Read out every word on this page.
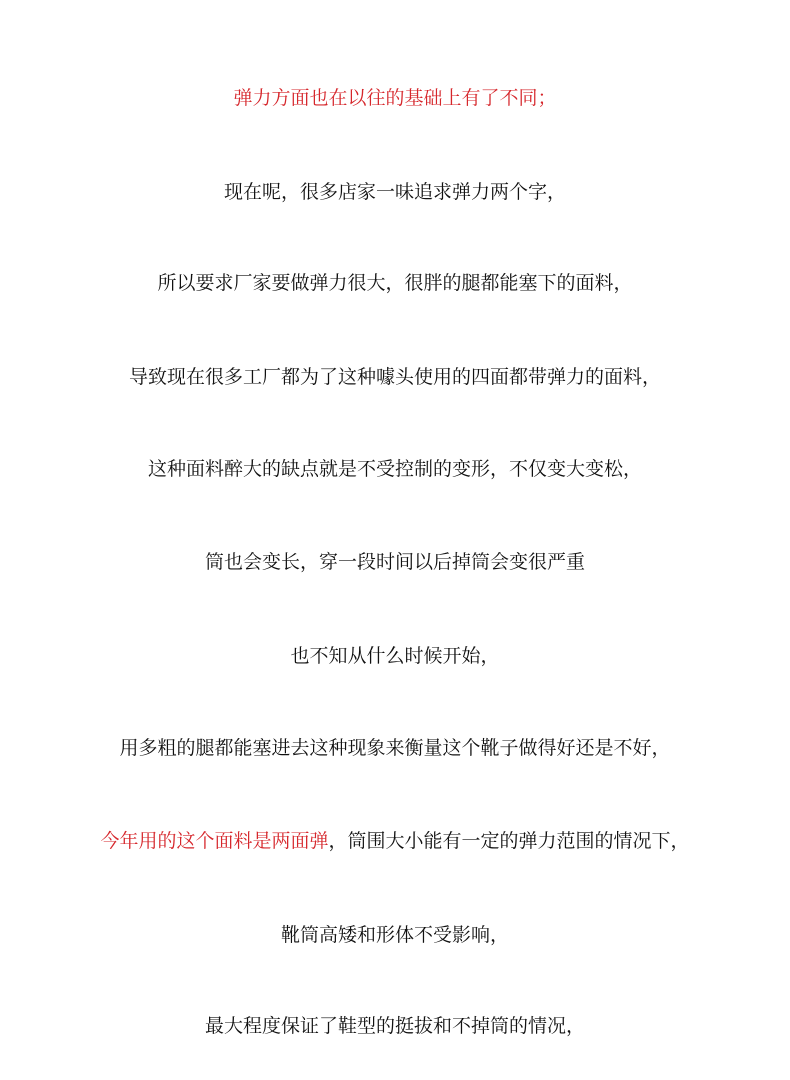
弹力方面也在以往的基础上有了不同；
现在呢，很多店家一味追求弹力两个字，
所以要求厂家要做弹力很大，很胖的腿都能塞下的面料，
导致现在很多工厂都为了这种噱头使用的四面都带弹力的面料，
这种面料醉大的缺点就是不受控制的变形，不仅变大变松，
筒也会变长，穿一段时间以后掉筒会变很严重
也不知从什么时候开始，
用多粗的腿都能塞进去这种现象来衡量这个靴子做得好还是不好，
今年用的这个面料是两面弹，筒围大小能有一定的弹力范围的情况下，
靴筒高矮和形体不受影响，
最大程度保证了鞋型的挺拔和不掉筒的情况，
